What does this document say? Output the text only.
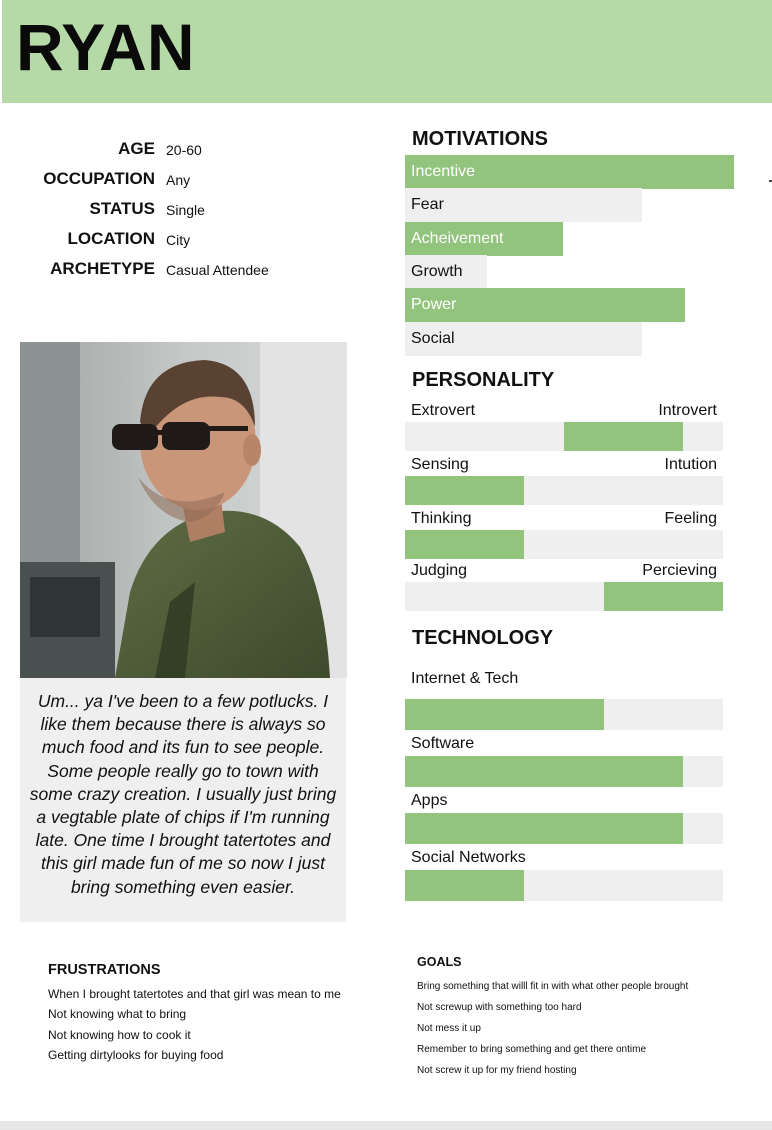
RYAN
AGE 20-60
OCCUPATION Any
STATUS Single
LOCATION City
ARCHETYPE Casual Attendee
Um... ya I've been to a few potlucks. I like them because there is always so much food and its fun to see people. Some people really go to town with some crazy creation. I usually just bring a vegtable plate of chips if I'm running late. One time I brought tatertotes and this girl made fun of me so now I just bring something even easier.
MOTIVATIONS
Incentive
Fear
Acheivement
Growth
Power
Social
PERSONALITY
Extrovert	Introvert
Sensing	Intution
Thinking	Feeling
Judging	Percieving
TECHNOLOGY
Internet & Tech
Software
Apps
Social Networks
FRUSTRATIONS
When I brought tatertotes and that girl was mean to me
Not knowing what to bring
Not knowing how to cook it
Getting dirtylooks for buying food
GOALS
Bring something that willl fit in with what other people brought
Not screwup with something too hard
Not mess it up
Remember to bring something and get there ontime
Not screw it up for my friend hosting
